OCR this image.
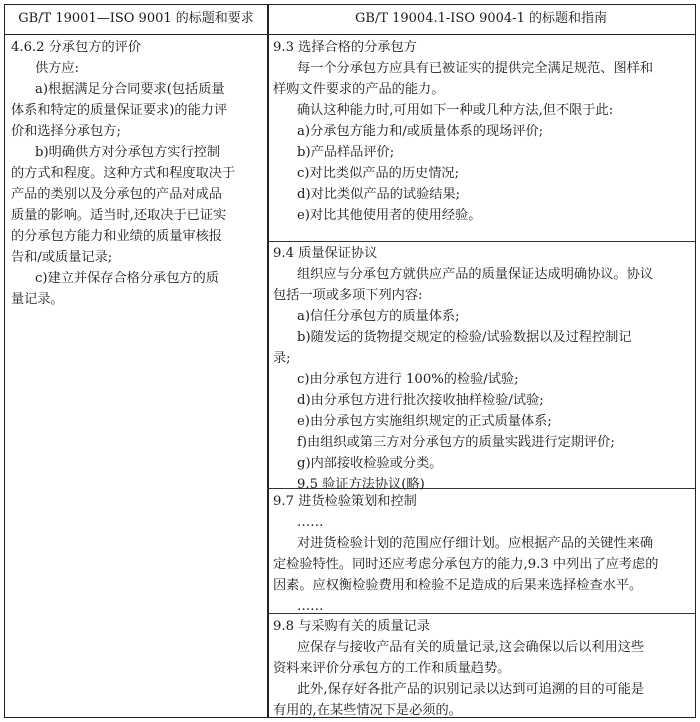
GB/T 19001—ISO 9001 的标题和要求	GB/T 19004.1-ISO 9004-1 的标题和指南
4.6.2 分承包方的评价
供方应:
a)根据满足分合同要求(包括质量
体系和特定的质量保证要求)的能力评
价和选择分承包方;
b)明确供方对分承包方实行控制
的方式和程度。这种方式和程度取决于
产品的类别以及分承包的产品对成品
质量的影响。适当时,还取决于已证实
的分承包方能力和业绩的质量审核报
告和/或质量记录;
c)建立并保存合格分承包方的质
量记录。
9.3 选择合格的分承包方
每一个分承包方应具有已被证实的提供完全满足规范、图样和
样购文件要求的产品的能力。
确认这种能力时,可用如下一种或几种方法,但不限于此:
a)分承包方能力和/或质量体系的现场评价;
b)产品样品评价;
c)对比类似产品的历史情况;
d)对比类似产品的试验结果;
e)对比其他使用者的使用经验。
9.4 质量保证协议
组织应与分承包方就供应产品的质量保证达成明确协议。协议
包括一项或多项下列内容:
a)信任分承包方的质量体系;
b)随发运的货物提交规定的检验/试验数据以及过程控制记
录;
c)由分承包方进行 100%的检验/试验;
d)由分承包方进行批次接收抽样检验/试验;
e)由分承包方实施组织规定的正式质量体系;
f)由组织或第三方对分承包方的质量实践进行定期评价;
g)内部接收检验或分类。
9.5 验证方法协议(略)
9.7 进货检验策划和控制
……
对进货检验计划的范围应仔细计划。应根据产品的关键性来确
定检验特性。同时还应考虑分承包方的能力,9.3 中列出了应考虑的
因素。应权衡检验费用和检验不足造成的后果来选择检查水平。
……
9.8 与采购有关的质量记录
应保存与接收产品有关的质量记录,这会确保以后以利用这些
资料来评价分承包方的工作和质量趋势。
此外,保存好各批产品的识别记录以达到可追溯的目的可能是
有用的,在某些情况下是必须的。
